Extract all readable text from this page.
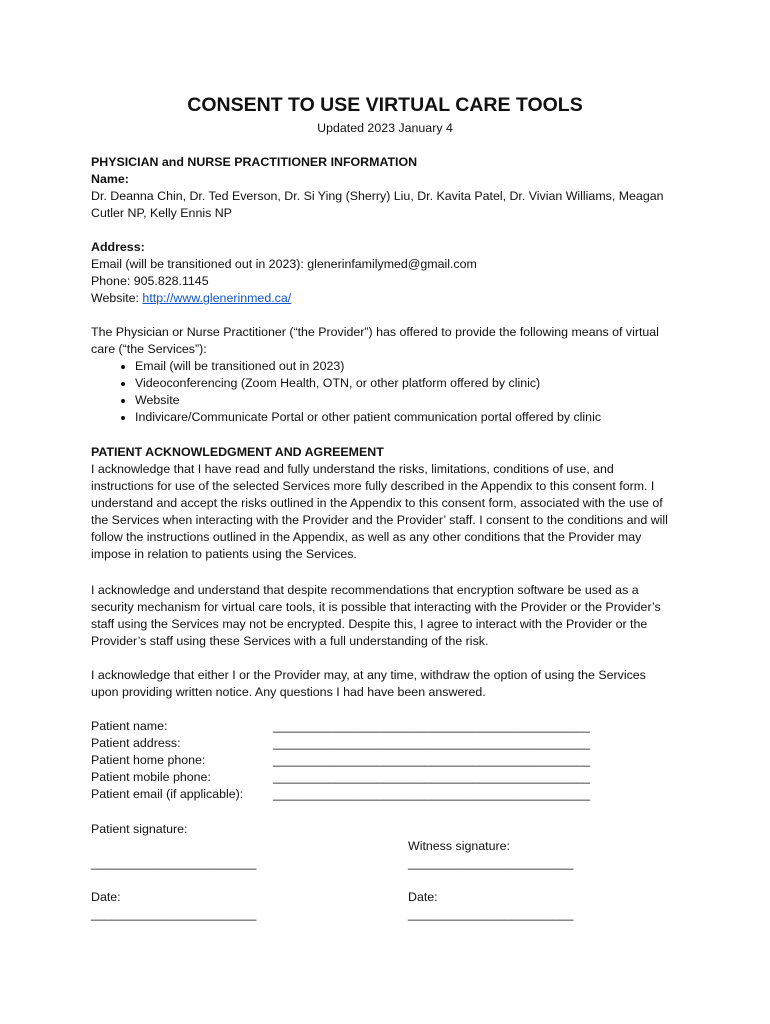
CONSENT TO USE VIRTUAL CARE TOOLS
Updated 2023 January 4

PHYSICIAN and NURSE PRACTITIONER INFORMATION

Name:

Dr. Deanna Chin, Dr. Ted Everson, Dr. Si Ying (Sherry) Liu, Dr. Kavita Patel, Dr. Vivian Williams, Meagan

Cutler NP, Kelly Ennis NP

Address:

Email (will be transitioned out in 2023): glenerinfamilymed@gmail.com

Phone: 905.828.1145

Website: http://www.glenerinmed.ca/

The Physician or Nurse Practitioner (“the Provider”) has offered to provide the following means of virtual

care (“the Services”):

• Email (will be transitioned out in 2023)
• Videoconferencing (Zoom Health, OTN, or other platform offered by clinic)
• Website
• Indivicare/Communicate Portal or other patient communication portal offered by clinic

PATIENT ACKNOWLEDGMENT AND AGREEMENT

I acknowledge that I have read and fully understand the risks, limitations, conditions of use, and

instructions for use of the selected Services more fully described in the Appendix to this consent form. I

understand and accept the risks outlined in the Appendix to this consent form, associated with the use of

the Services when interacting with the Provider and the Provider’ staff. I consent to the conditions and will

follow the instructions outlined in the Appendix, as well as any other conditions that the Provider may

impose in relation to patients using the Services.

I acknowledge and understand that despite recommendations that encryption software be used as a

security mechanism for virtual care tools, it is possible that interacting with the Provider or the Provider’s

staff using the Services may not be encrypted. Despite this, I agree to interact with the Provider or the

Provider’s staff using these Services with a full understanding of the risk.

I acknowledge that either I or the Provider may, at any time, withdraw the option of using the Services

upon providing written notice. Any questions I had have been answered.

Patient name:	______________________________________________
Patient address:	______________________________________________
Patient home phone:	______________________________________________
Patient mobile phone:	______________________________________________
Patient email (if applicable):	______________________________________________
Patient signature:
Witness signature:
________________________	________________________
Date:	Date:
________________________	________________________
